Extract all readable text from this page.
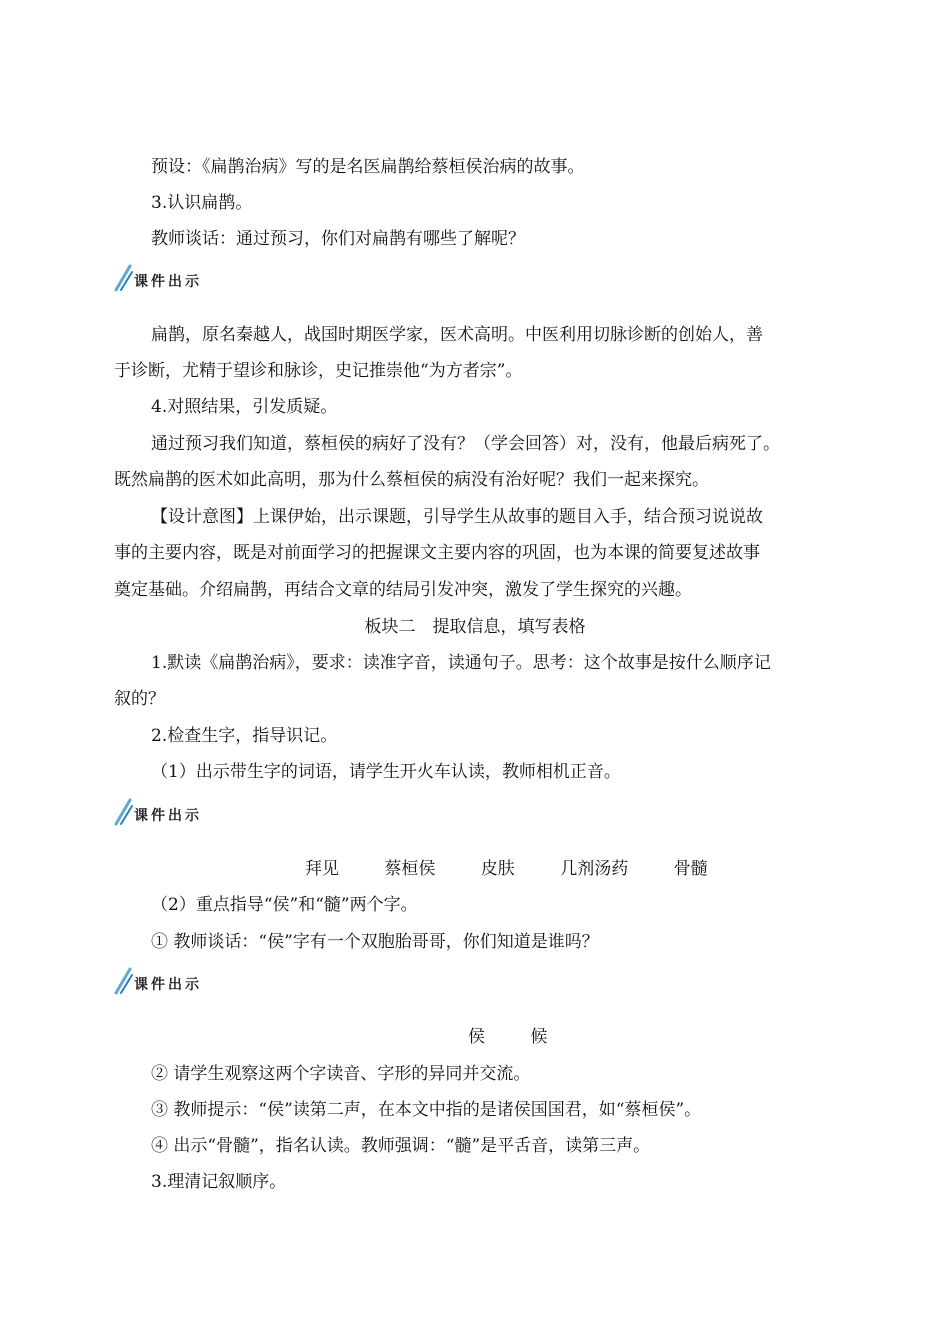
预设：《扁鹊治病》写的是名医扁鹊给蔡桓侯治病的故事。
3.认识扁鹊。
教师谈话：通过预习，你们对扁鹊有哪些了解呢？
课件出示
扁鹊，原名秦越人，战国时期医学家，医术高明。中医利用切脉诊断的创始人，善
于诊断，尤精于望诊和脉诊，史记推崇他“为方者宗”。
4.对照结果，引发质疑。
通过预习我们知道，蔡桓侯的病好了没有？（学会回答）对，没有，他最后病死了。
既然扁鹊的医术如此高明，那为什么蔡桓侯的病没有治好呢？我们一起来探究。
【设计意图】上课伊始，出示课题，引导学生从故事的题目入手，结合预习说说故
事的主要内容，既是对前面学习的把握课文主要内容的巩固，也为本课的简要复述故事
奠定基础。介绍扁鹊，再结合文章的结局引发冲突，激发了学生探究的兴趣。
板块二　提取信息，填写表格
1.默读《扁鹊治病》，要求：读准字音，读通句子。思考：这个故事是按什么顺序记
叙的？
2.检查生字，指导识记。
（1）出示带生字的词语，请学生开火车认读，教师相机正音。
课件出示
拜见	蔡桓侯	皮肤	几剂汤药	骨髓
（2）重点指导“侯”和“髓”两个字。
① 教师谈话：“侯”字有一个双胞胎哥哥，你们知道是谁吗？
课件出示
侯	候
② 请学生观察这两个字读音、字形的异同并交流。
③ 教师提示：“侯”读第二声，在本文中指的是诸侯国国君，如“蔡桓侯”。
④ 出示“骨髓”，指名认读。教师强调：“髓”是平舌音，读第三声。
3.理清记叙顺序。
